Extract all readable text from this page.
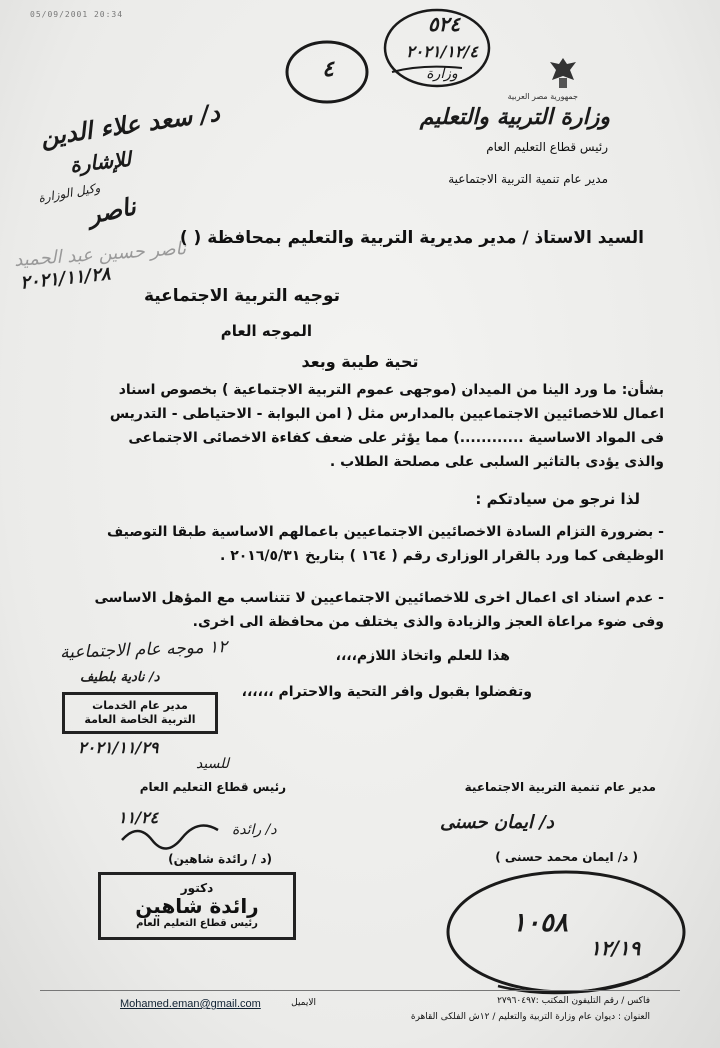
05/09/2001 20:34
٤
٥٢٤
٢٠٢١/١٢/٤
وزارة
جمهورية مصر العربية
وزارة التربية والتعليم
رئيس قطاع التعليم العام
مدير عام تنمية التربية الاجتماعية
د/ سعد علاء الدين
للإشارة
وكيل الوزارة
ناصر
ناصر حسين عبد الحميد
٢٠٢١/١١/٢٨
السيد الاستاذ / مدير مديرية التربية والتعليم بمحافظة ( )
توجيه التربية الاجتماعية
الموجه العام
تحية طيبة وبعد
بشأن: ما ورد الينا من الميدان (موجهى عموم التربية الاجتماعية ) بخصوص اسناد
اعمال للاخصائيين الاجتماعيين بالمدارس مثل ( امن البوابة - الاحتياطى - التدريس
فى المواد الاساسية ............) مما يؤثر على ضعف كفاءة الاخصائى الاجتماعى
والذى يؤدى بالتاثير السلبى على مصلحة الطلاب .
لذا نرجو من سيادتكم :
- بضرورة التزام السادة الاخصائيين الاجتماعيين باعمالهم الاساسية طبقا التوصيف
الوظيفى كما ورد بالقرار الوزارى رقم ( ١٦٤ ) بتاريخ ٢٠١٦/٥/٣١ .
- عدم اسناد اى اعمال اخرى للاخصائيين الاجتماعيين لا تتناسب مع المؤهل الاساسى
وفى ضوء مراعاة العجز والزيادة والذى يختلف من محافظة الى اخرى.
هذا للعلم واتخاذ اللازم،،،،
وتفضلوا بقبول وافر التحية والاحترام ،،،،،،
١٢ موجه عام الاجتماعية
د/ نادية بلطيف
مدير عام الخدمات
التربية الخاصة العامة
٢٠٢١/١١/٢٩
للسيد
رئيس قطاع التعليم العام	مدير عام تنمية التربية الاجتماعية
١١/٢٤
د/ رائدة
(د / رائدة شاهين)
دكتور
رائدة شاهين
رئيس قطاع التعليم العام
د/ ايمان حسنى
( د/ ايمان محمد حسنى )
١٠٥٨
١٢/١٩
Mohamed.eman@gmail.com	الايميل	فاكس / رقم التليفون المكتب :٢٧٩٦٠٤٩٧
العنوان : ديوان عام وزارة التربية والتعليم / ١٢ش الفلكى القاهرة
